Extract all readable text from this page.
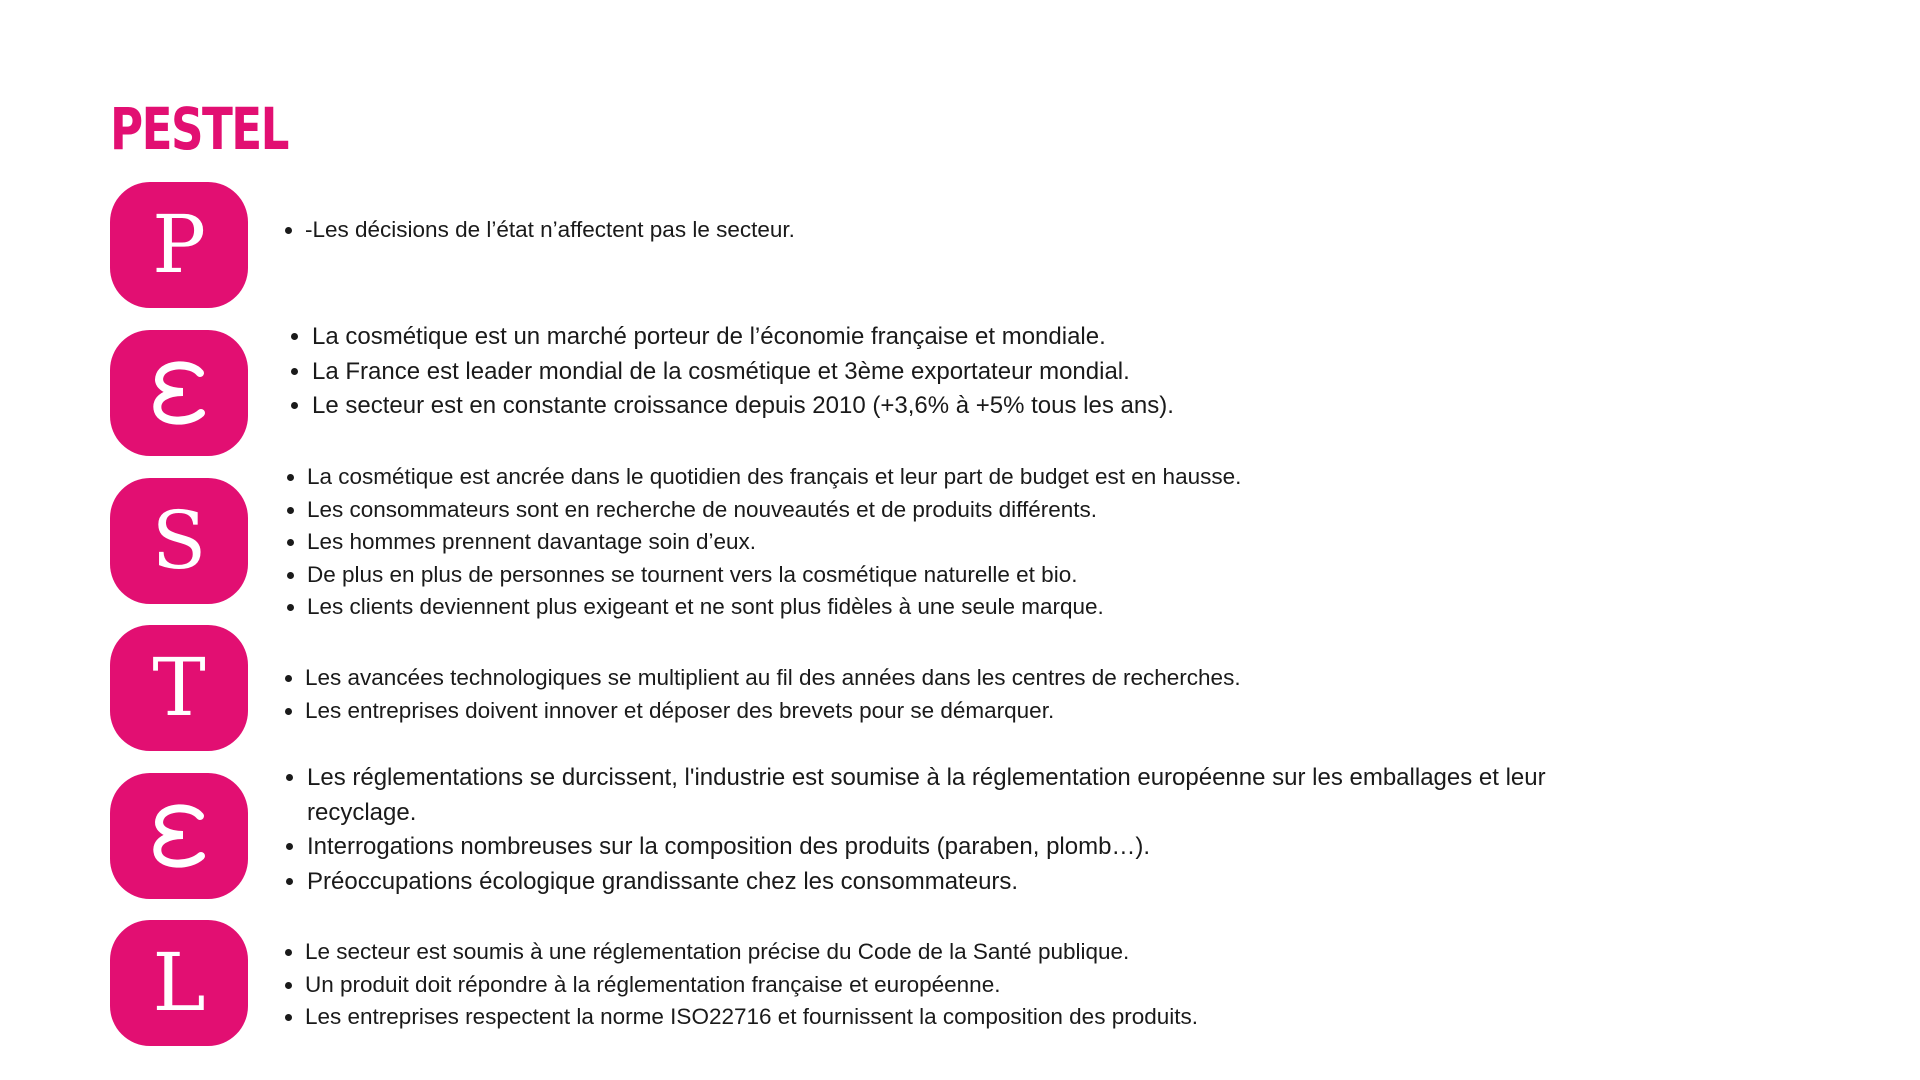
PESTEL
P	• -Les décisions de l’état n’affectent pas le secteur.
• La cosmétique est un marché porteur de l’économie française et mondiale.
• La France est leader mondial de la cosmétique et 3ème exportateur mondial.
• Le secteur est en constante croissance depuis 2010 (+3,6% à +5% tous les ans).
S
• La cosmétique est ancrée dans le quotidien des français et leur part de budget est en hausse.
• Les consommateurs sont en recherche de nouveautés et de produits différents.
• Les hommes prennent davantage soin d’eux.
• De plus en plus de personnes se tournent vers la cosmétique naturelle et bio.
• Les clients deviennent plus exigeant et ne sont plus fidèles à une seule marque.
T	• Les avancées technologiques se multiplient au fil des années dans les centres de recherches.
• Les entreprises doivent innover et déposer des brevets pour se démarquer.
• Les réglementations se durcissent, l'industrie est soumise à la réglementation européenne sur les emballages et leur recyclage.
• Interrogations nombreuses sur la composition des produits (paraben, plomb…).
• Préoccupations écologique grandissante chez les consommateurs.
L	• Le secteur est soumis à une réglementation précise du Code de la Santé publique.
• Un produit doit répondre à la réglementation française et européenne.
• Les entreprises respectent la norme ISO22716 et fournissent la composition des produits.
